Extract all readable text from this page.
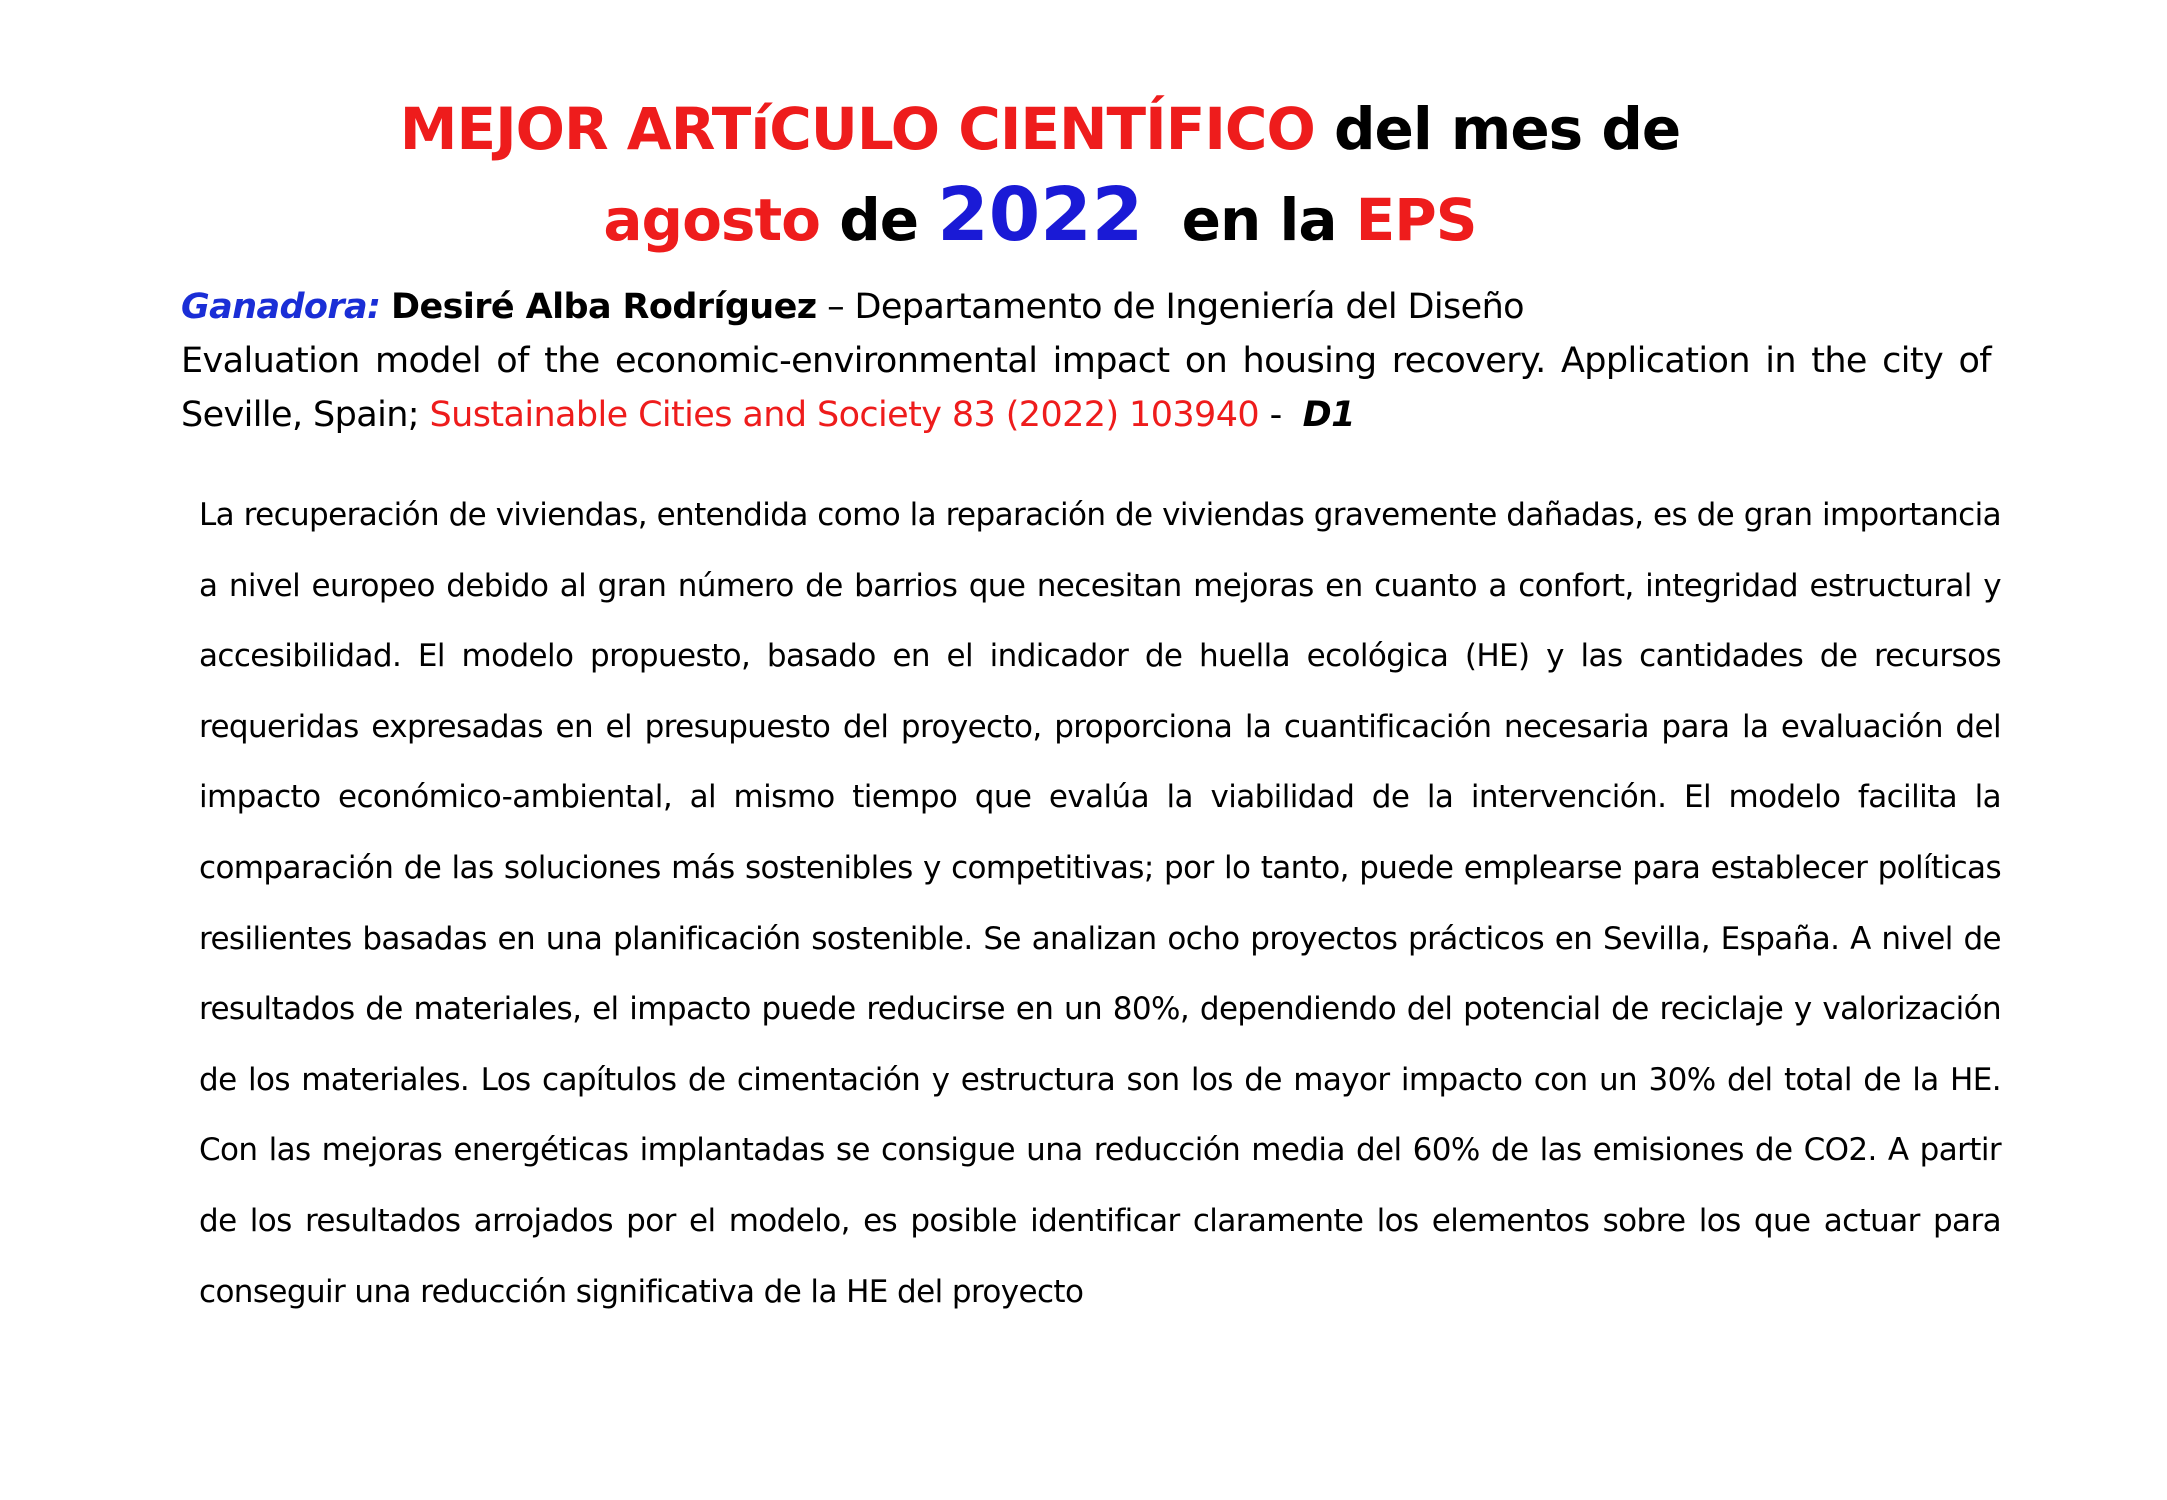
MEJOR ARTíCULO CIENTÍFICO del mes de
agosto de 2022  en la EPS
Ganadora: Desiré Alba Rodríguez – Departamento de Ingeniería del Diseño
Evaluation model of the economic-environmental impact on housing recovery. Application in the city of Seville, Spain; Sustainable Cities and Society 83 (2022) 103940 -  D1

La recuperación de viviendas, entendida como la reparación de viviendas gravemente dañadas, es de gran importancia a nivel europeo debido al gran número de barrios que necesitan mejoras en cuanto a confort, integridad estructural y accesibilidad. El modelo propuesto, basado en el indicador de huella ecológica (HE) y las cantidades de recursos requeridas expresadas en el presupuesto del proyecto, proporciona la cuantificación necesaria para la evaluación del impacto económico-ambiental, al mismo tiempo que evalúa la viabilidad de la intervención. El modelo facilita la comparación de las soluciones más sostenibles y competitivas; por lo tanto, puede emplearse para establecer políticas resilientes basadas en una planificación sostenible. Se analizan ocho proyectos prácticos en Sevilla, España. A nivel de resultados de materiales, el impacto puede reducirse en un 80%, dependiendo del potencial de reciclaje y valorización de los materiales. Los capítulos de cimentación y estructura son los de mayor impacto con un 30% del total de la HE. Con las mejoras energéticas implantadas se consigue una reducción media del 60% de las emisiones de CO2. A partir de los resultados arrojados por el modelo, es posible identificar claramente los elementos sobre los que actuar para conseguir una reducción significativa de la HE del proyecto
